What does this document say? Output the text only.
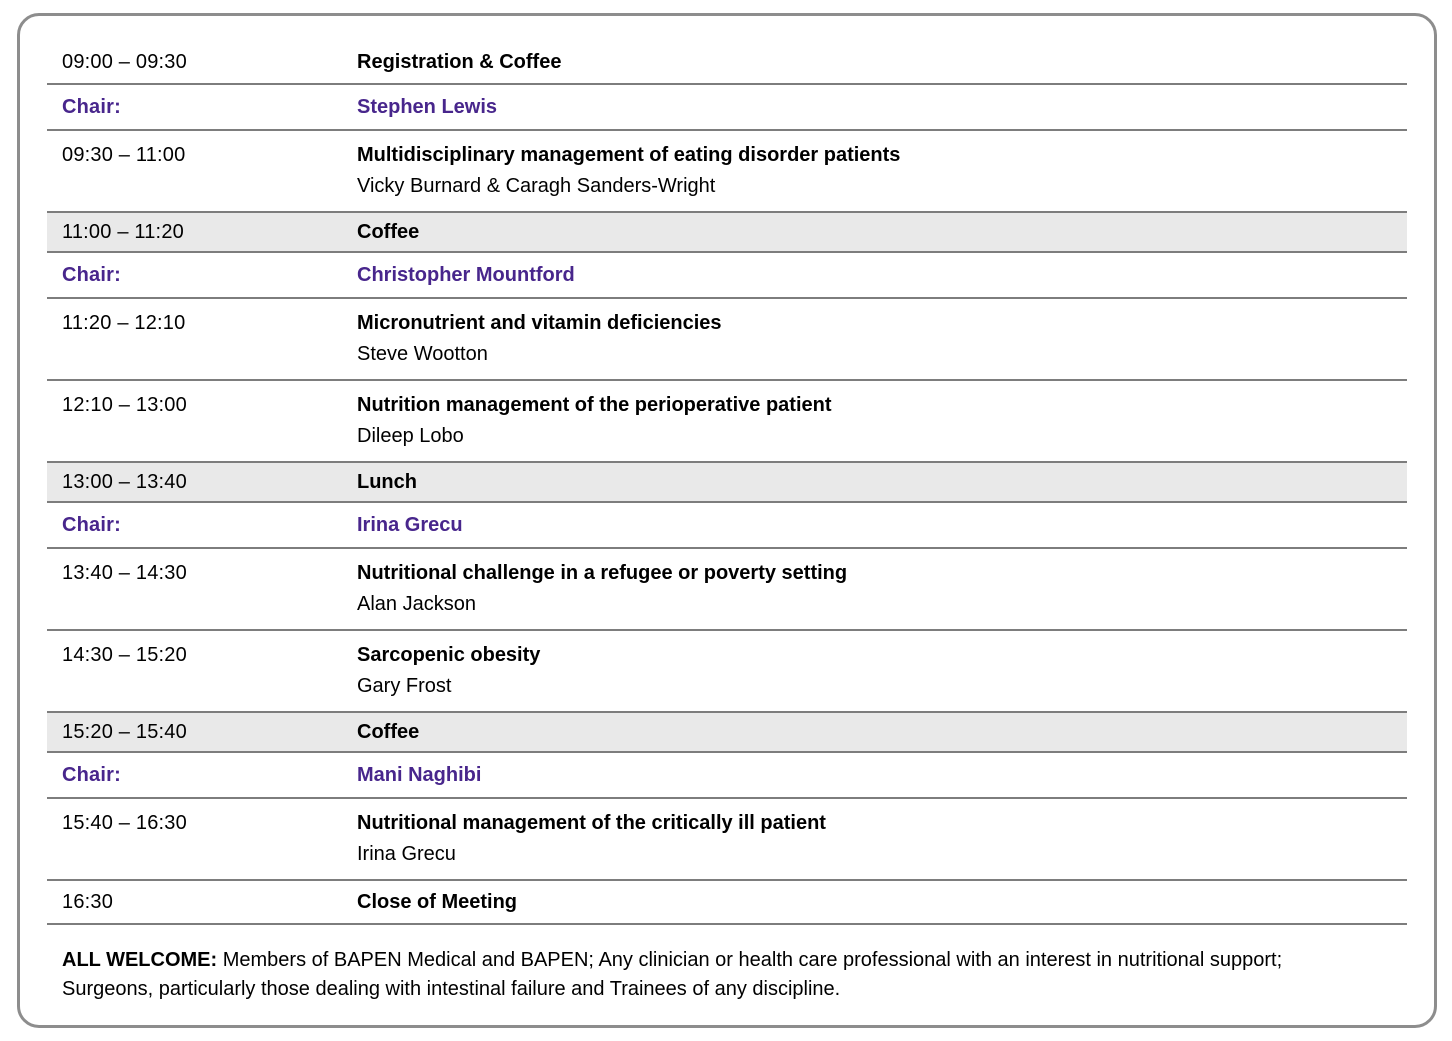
09:00 – 09:30	Registration & Coffee
Chair:	Stephen Lewis
09:30 – 11:00	Multidisciplinary management of eating disorder patients
Vicky Burnard & Caragh Sanders-Wright
11:00 – 11:20	Coffee
Chair:	Christopher Mountford
11:20 – 12:10	Micronutrient and vitamin deficiencies
Steve Wootton
12:10 – 13:00	Nutrition management of the perioperative patient
Dileep Lobo
13:00 – 13:40	Lunch
Chair:	Irina Grecu
13:40 – 14:30	Nutritional challenge in a refugee or poverty setting
Alan Jackson
14:30 – 15:20	Sarcopenic obesity
Gary Frost
15:20 – 15:40	Coffee
Chair:	Mani Naghibi
15:40 – 16:30	Nutritional management of the critically ill patient
Irina Grecu
16:30	Close of Meeting

ALL WELCOME: Members of BAPEN Medical and BAPEN; Any clinician or health care professional with an interest in nutritional support;
Surgeons, particularly those dealing with intestinal failure and Trainees of any discipline.
